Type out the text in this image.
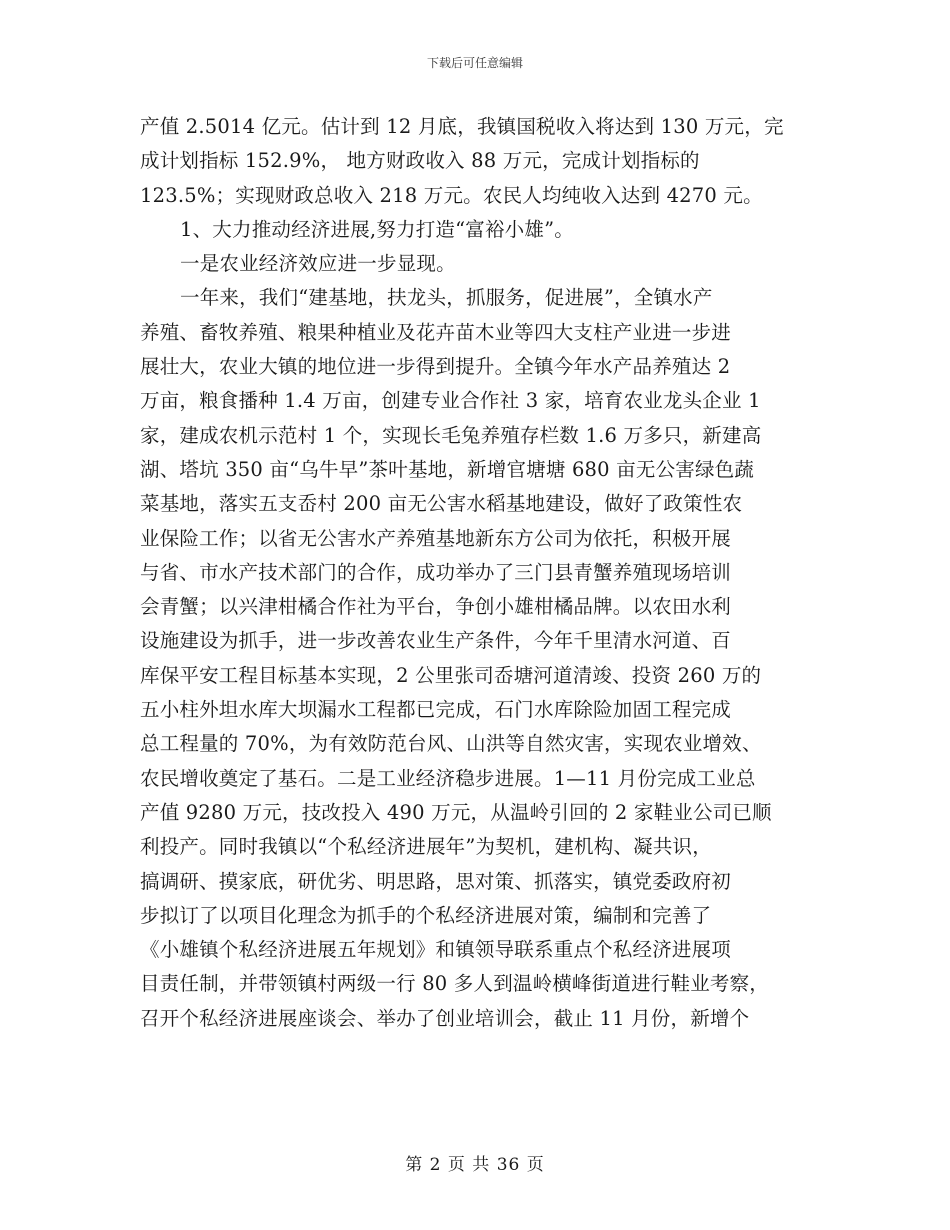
下载后可任意编辑
产值 2.5014 亿元。估计到 12 月底，我镇国税收入将达到 130 万元，完
成计划指标 152.9%， 地方财政收入 88 万元，完成计划指标的
123.5%；实现财政总收入 218 万元。农民人均纯收入达到 4270 元。
1、大力推动经济进展,努力打造“富裕小雄”。
一是农业经济效应进一步显现。
一年来，我们“建基地，扶龙头，抓服务，促进展”，全镇水产
养殖、畜牧养殖、粮果种植业及花卉苗木业等四大支柱产业进一步进
展壮大，农业大镇的地位进一步得到提升。全镇今年水产品养殖达 2
万亩，粮食播种 1.4 万亩，创建专业合作社 3 家，培育农业龙头企业 1
家，建成农机示范村 1 个，实现长毛兔养殖存栏数 1.6 万多只，新建高
湖、塔坑 350 亩“乌牛早”茶叶基地，新增官塘塘 680 亩无公害绿色蔬
菜基地，落实五支岙村 200 亩无公害水稻基地建设，做好了政策性农
业保险工作；以省无公害水产养殖基地新东方公司为依托，积极开展
与省、市水产技术部门的合作，成功举办了三门县青蟹养殖现场培训
会青蟹；以兴津柑橘合作社为平台，争创小雄柑橘品牌。以农田水利
设施建设为抓手，进一步改善农业生产条件，今年千里清水河道、百
库保平安工程目标基本实现，2 公里张司岙塘河道清竣、投资 260 万的
五小柱外坦水库大坝漏水工程都已完成，石门水库除险加固工程完成
总工程量的 70%，为有效防范台风、山洪等自然灾害，实现农业增效、
农民增收奠定了基石。二是工业经济稳步进展。1—11 月份完成工业总
产值 9280 万元，技改投入 490 万元，从温岭引回的 2 家鞋业公司已顺
利投产。同时我镇以“个私经济进展年”为契机，建机构、凝共识，
搞调研、摸家底，研优劣、明思路，思对策、抓落实，镇党委政府初
步拟订了以项目化理念为抓手的个私经济进展对策，编制和完善了
《小雄镇个私经济进展五年规划》和镇领导联系重点个私经济进展项
目责任制，并带领镇村两级一行 80 多人到温岭横峰街道进行鞋业考察，
召开个私经济进展座谈会、举办了创业培训会，截止 11 月份，新增个
第 2 页 共 36 页
